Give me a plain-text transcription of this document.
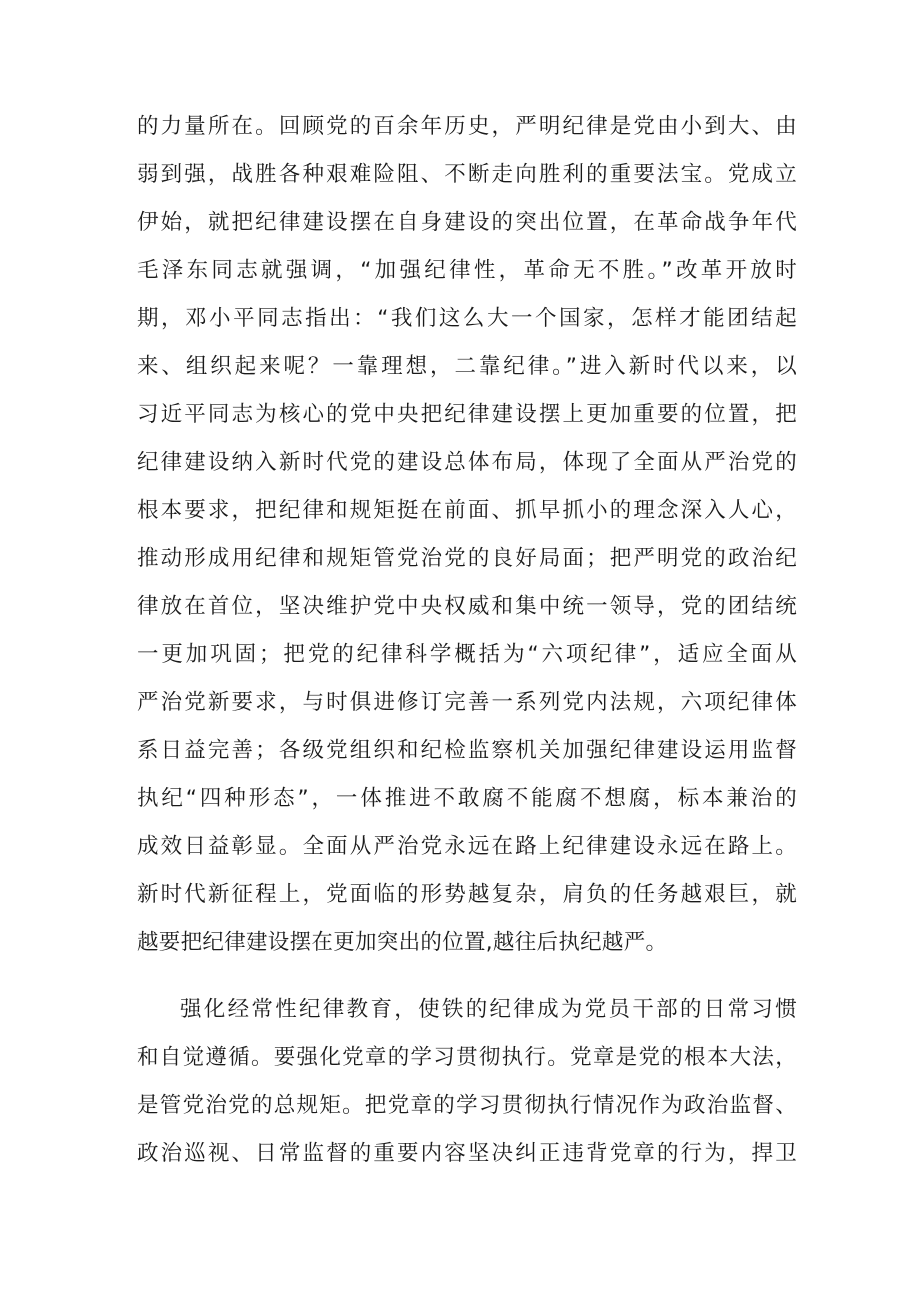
的力量所在。回顾党的百余年历史，严明纪律是党由小到大、由
弱到强，战胜各种艰难险阻、不断走向胜利的重要法宝。党成立
伊始，就把纪律建设摆在自身建设的突出位置，在革命战争年代
毛泽东同志就强调，“加强纪律性，革命无不胜。”改革开放时
期，邓小平同志指出：“我们这么大一个国家，怎样才能团结起
来、组织起来呢？一靠理想，二靠纪律。”进入新时代以来，以
习近平同志为核心的党中央把纪律建设摆上更加重要的位置，把
纪律建设纳入新时代党的建设总体布局，体现了全面从严治党的
根本要求，把纪律和规矩挺在前面、抓早抓小的理念深入人心，
推动形成用纪律和规矩管党治党的良好局面；把严明党的政治纪
律放在首位，坚决维护党中央权威和集中统一领导，党的团结统
一更加巩固；把党的纪律科学概括为“六项纪律”，适应全面从
严治党新要求，与时俱进修订完善一系列党内法规，六项纪律体
系日益完善；各级党组织和纪检监察机关加强纪律建设运用监督
执纪“四种形态”，一体推进不敢腐不能腐不想腐，标本兼治的
成效日益彰显。全面从严治党永远在路上纪律建设永远在路上。
新时代新征程上，党面临的形势越复杂，肩负的任务越艰巨，就
越要把纪律建设摆在更加突出的位置,越往后执纪越严。
强化经常性纪律教育，使铁的纪律成为党员干部的日常习惯
和自觉遵循。要强化党章的学习贯彻执行。党章是党的根本大法，
是管党治党的总规矩。把党章的学习贯彻执行情况作为政治监督、
政治巡视、日常监督的重要内容坚决纠正违背党章的行为，捍卫
